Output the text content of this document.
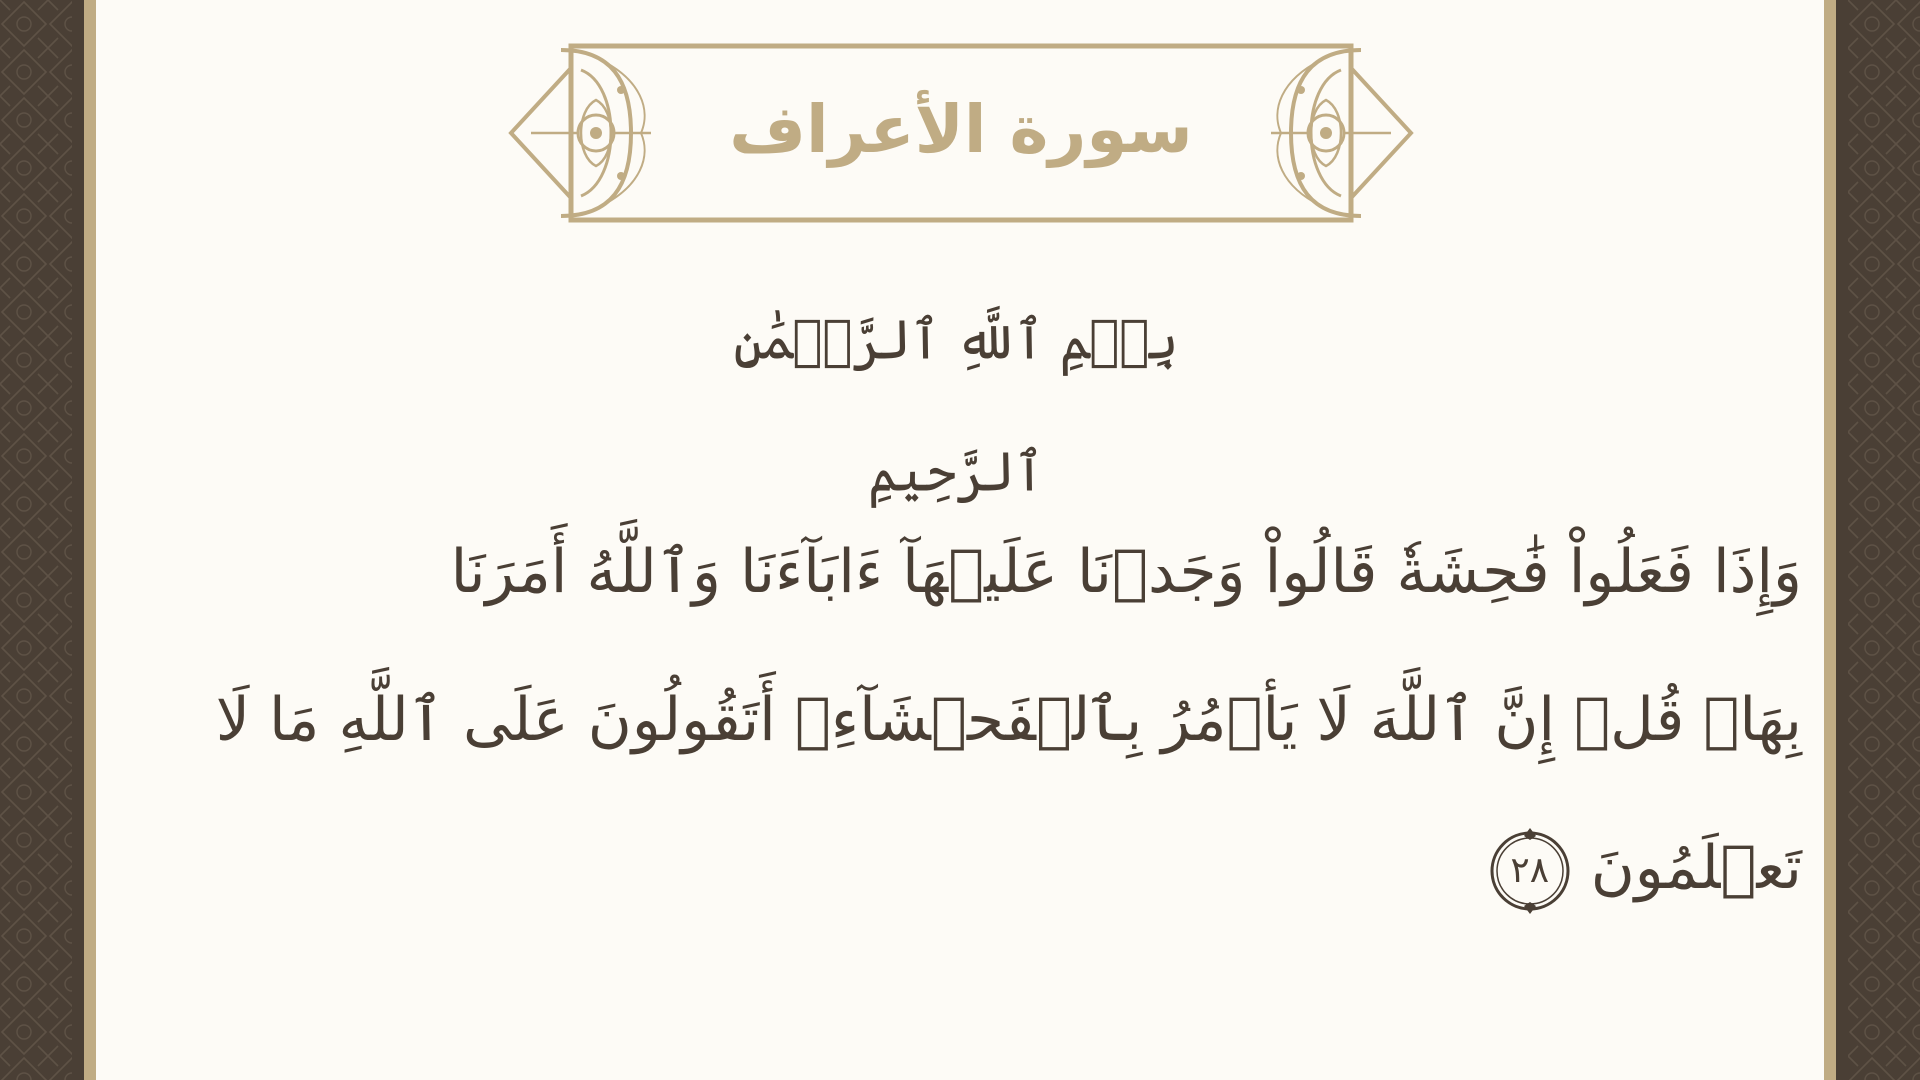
سورة الأعراف
بِسۡمِ ٱللَّهِ ٱلرَّحۡمَٰنِ ٱلرَّحِيمِ
وَإِذَا فَعَلُواْ فَٰحِشَةٗ قَالُواْ وَجَدۡنَا عَلَيۡهَآ ءَابَآءَنَا وَٱللَّهُ أَمَرَنَا
بِهَاۗ قُلۡ إِنَّ ٱللَّهَ لَا يَأۡمُرُ بِٱلۡفَحۡشَآءِۖ أَتَقُولُونَ عَلَى ٱللَّهِ مَا لَا
تَعۡلَمُونَ
٢٨
